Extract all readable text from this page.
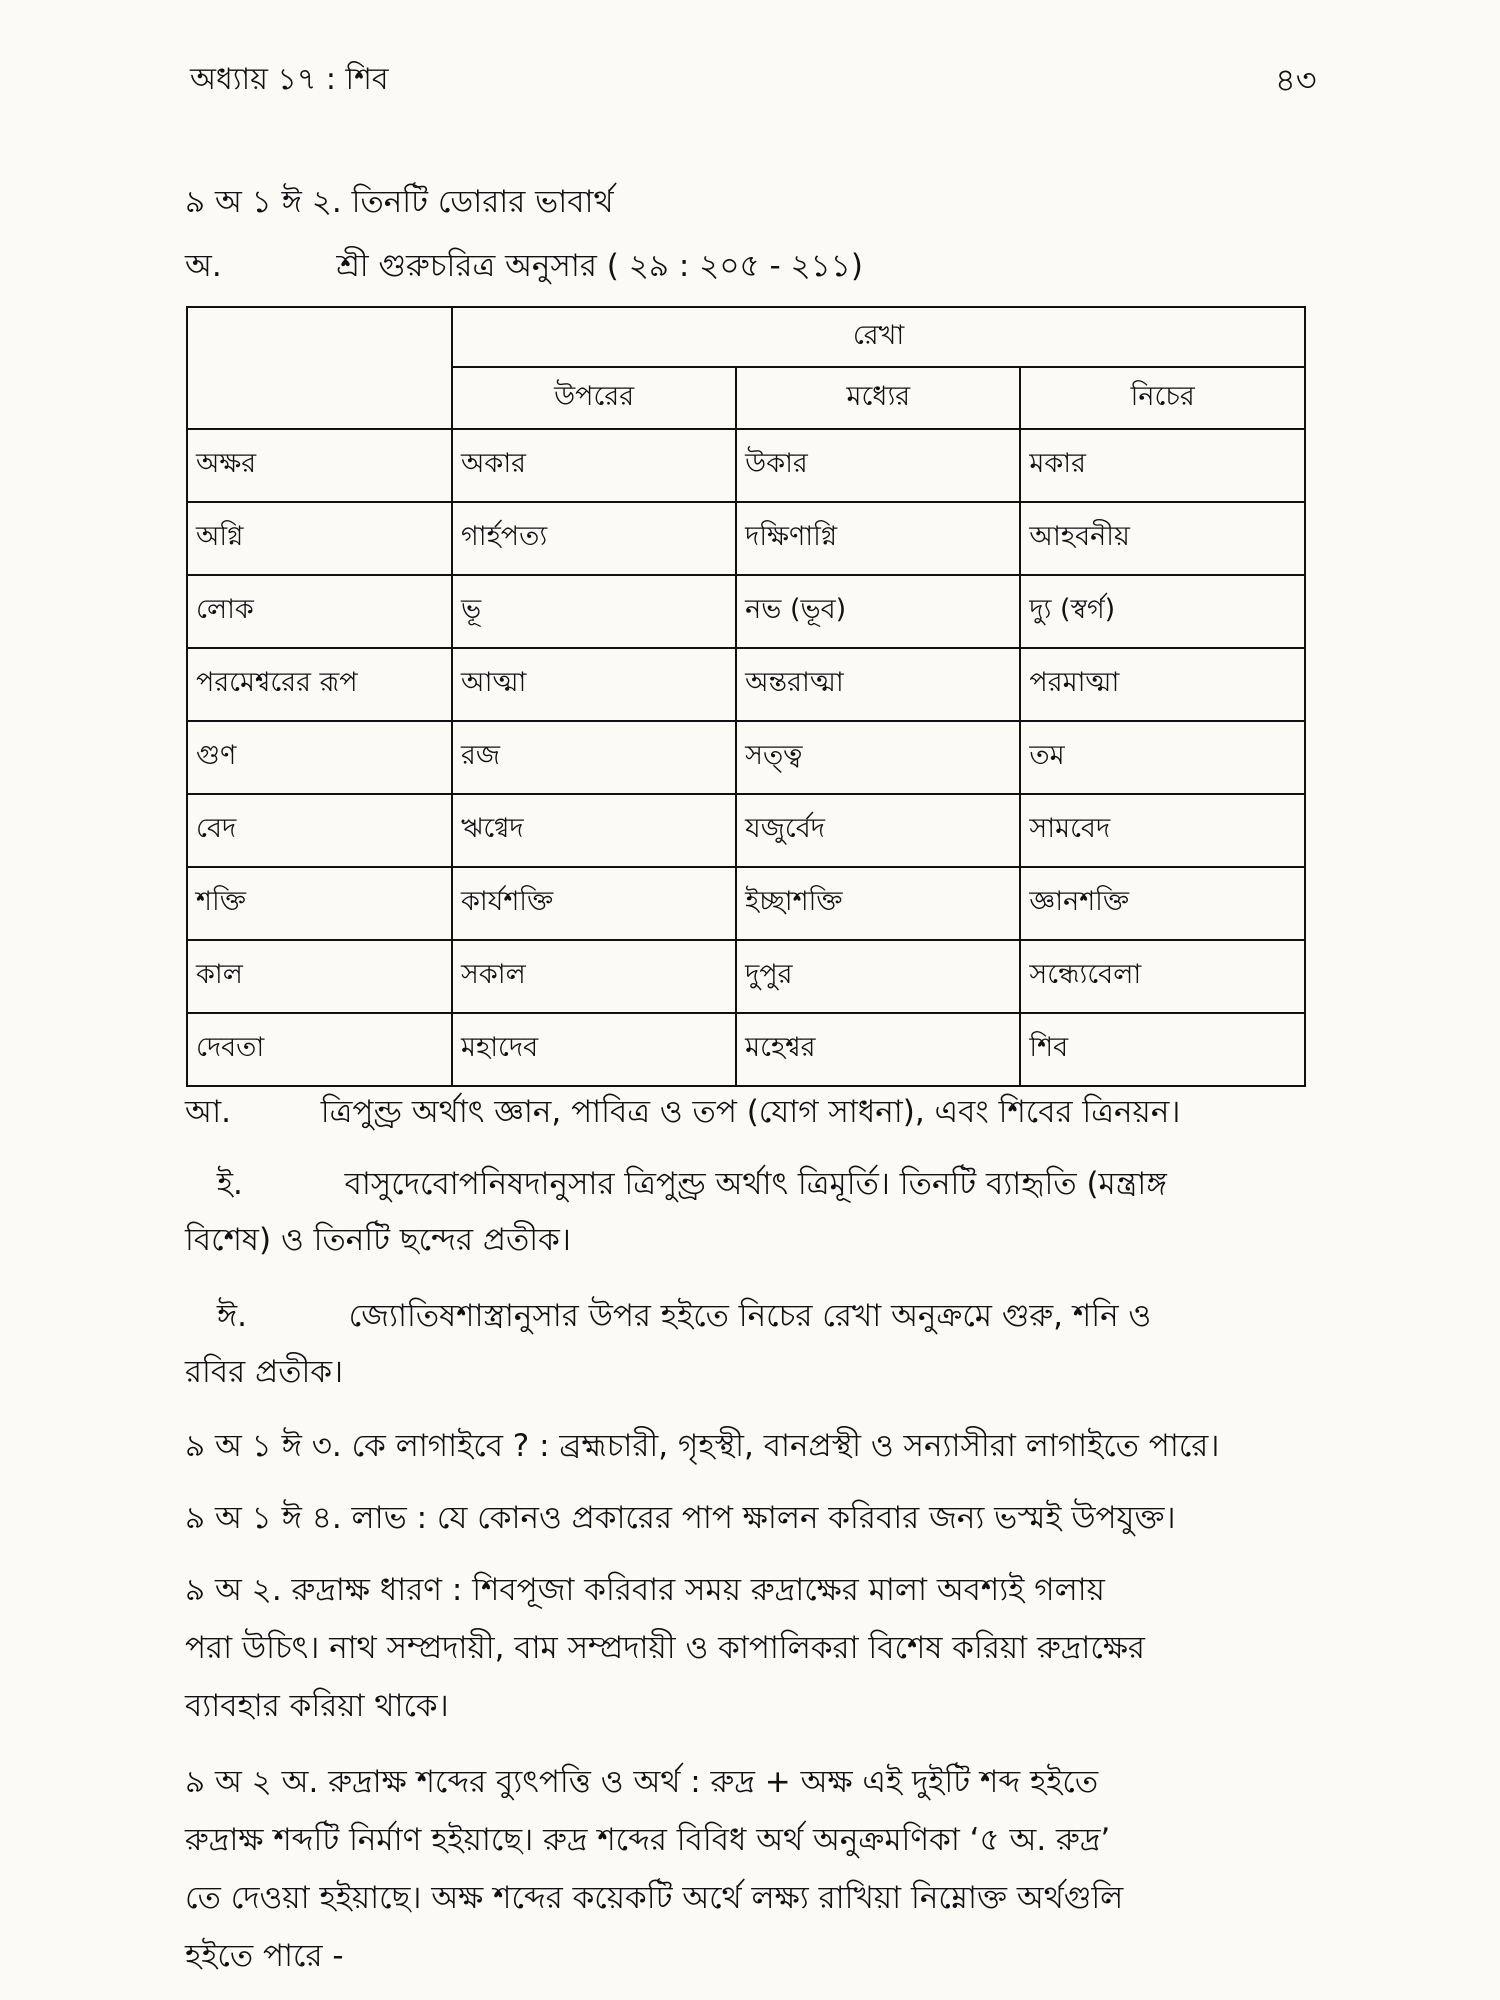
অধ্যায় ১৭ : শিব	৪৩
৯ অ ১ ঈ ২. তিনটি ডোরার ভাবার্থ
অ.	শ্রী গুরুচরিত্র অনুসার ( ২৯ : ২০৫ - ২১১)
	রেখা		
	উপরের	মধ্যের	নিচের
অক্ষর	অকার	উকার	মকার
অগ্নি	গার্হপত্য	দক্ষিণাগ্নি	আহবনীয়
লোক	ভূ	নভ (ভূব)	দ্যু (স্বর্গ)
পরমেশ্বরের রূপ	আত্মা	অন্তরাত্মা	পরমাত্মা
গুণ	রজ	সত্ত্ব	তম
বেদ	ঋগ্বেদ	যজুর্বেদ	সামবেদ
শক্তি	কার্যশক্তি	ইচ্ছাশক্তি	জ্ঞানশক্তি
কাল	সকাল	দুপুর	সন্ধ্যেবেলা
দেবতা	মহাদেব	মহেশ্বর	শিব
আ.	ত্রিপুণ্ড্র অর্থাৎ জ্ঞান, পাবিত্র ও তপ (যোগ সাধনা), এবং শিবের ত্রিনয়ন।
ই.	বাসুদেবোপনিষদানুসার ত্রিপুণ্ড্র অর্থাৎ ত্রিমূর্তি। তিনটি ব্যাহৃতি (মন্ত্রাঙ্গ
বিশেষ) ও তিনটি ছন্দের প্রতীক।
ঈ.	জ্যোতিষশাস্ত্রানুসার উপর হইতে নিচের রেখা অনুক্রমে গুরু, শনি ও
রবির প্রতীক।
৯ অ ১ ঈ ৩. কে লাগাইবে ? : ব্রহ্মচারী, গৃহস্থী, বানপ্রস্থী ও সন্যাসীরা লাগাইতে পারে।
৯ অ ১ ঈ ৪. লাভ : যে কোনও প্রকারের পাপ ক্ষালন করিবার জন্য ভস্মই উপযুক্ত।
৯ অ ২. রুদ্রাক্ষ ধারণ : শিবপূজা করিবার সময় রুদ্রাক্ষের মালা অবশ্যই গলায়
পরা উচিৎ। নাথ সম্প্রদায়ী, বাম সম্প্রদায়ী ও কাপালিকরা বিশেষ করিয়া রুদ্রাক্ষের
ব্যাবহার করিয়া থাকে।
৯ অ ২ অ. রুদ্রাক্ষ শব্দের ব্যুৎপত্তি ও অর্থ : রুদ্র + অক্ষ এই দুইটি শব্দ হইতে
রুদ্রাক্ষ শব্দটি নির্মাণ হইয়াছে। রুদ্র শব্দের বিবিধ অর্থ অনুক্রমণিকা ‘৫ অ. রুদ্র’
তে দেওয়া হইয়াছে। অক্ষ শব্দের কয়েকটি অর্থে লক্ষ্য রাখিয়া নিম্নোক্ত অর্থগুলি
হইতে পারে -
